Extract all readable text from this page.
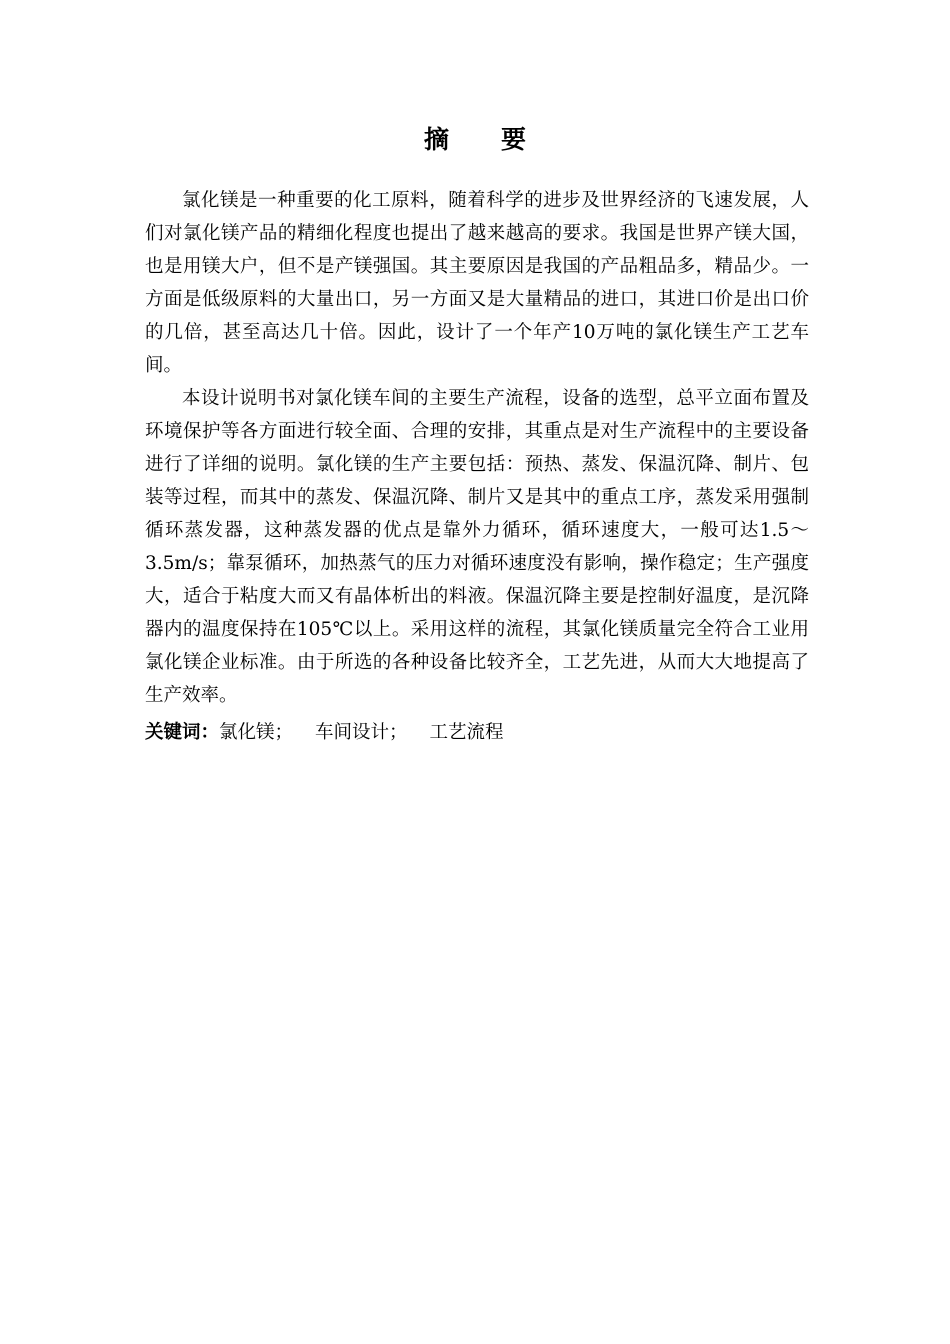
摘要

氯化镁是一种重要的化工原料，随着科学的进步及世界经济的飞速发展，人们对氯化镁产品的精细化程度也提出了越来越高的要求。我国是世界产镁大国，也是用镁大户，但不是产镁强国。其主要原因是我国的产品粗品多，精品少。一方面是低级原料的大量出口，另一方面又是大量精品的进口，其进口价是出口价的几倍，甚至高达几十倍。因此，设计了一个年产10万吨的氯化镁生产工艺车间。

本设计说明书对氯化镁车间的主要生产流程，设备的选型，总平立面布置及环境保护等各方面进行较全面、合理的安排，其重点是对生产流程中的主要设备进行了详细的说明。氯化镁的生产主要包括：预热、蒸发、保温沉降、制片、包装等过程，而其中的蒸发、保温沉降、制片又是其中的重点工序，蒸发采用强制循环蒸发器，这种蒸发器的优点是靠外力循环，循环速度大，一般可达1.5～3.5m/s；靠泵循环，加热蒸气的压力对循环速度没有影响，操作稳定；生产强度大，适合于粘度大而又有晶体析出的料液。保温沉降主要是控制好温度，是沉降器内的温度保持在105℃以上。采用这样的流程，其氯化镁质量完全符合工业用氯化镁企业标准。由于所选的各种设备比较齐全，工艺先进，从而大大地提高了生产效率。

关键词：氯化镁； 车间设计； 工艺流程
